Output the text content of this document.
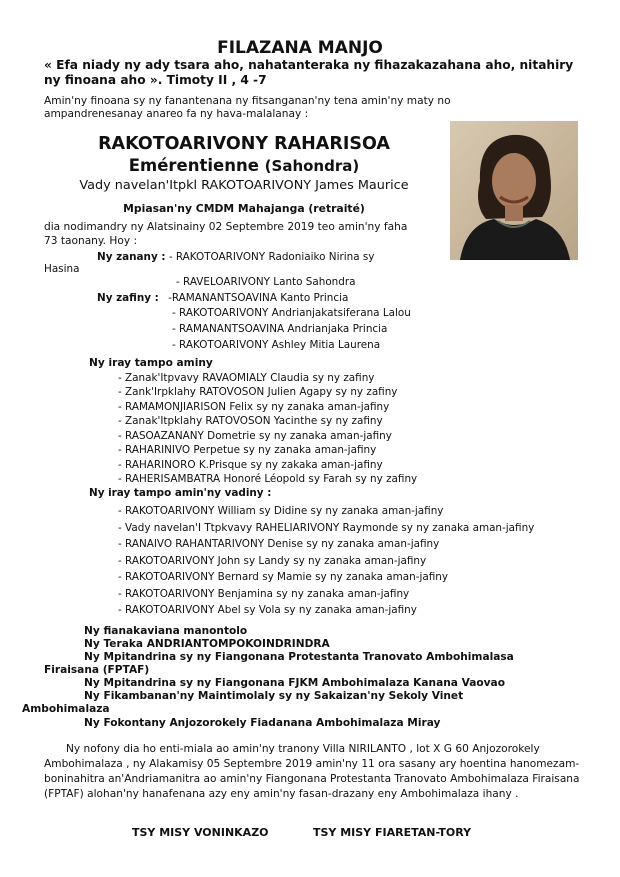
FILAZANA MANJO
« Efa niady ny ady tsara aho, nahatanteraka ny fihazakazahana aho, nitahiry ny finoana aho ». Timoty II , 4 -7
Amin'ny finoana sy ny fanantenana ny fitsanganan'ny tena amin'ny maty no ampandrenesanay anareo fa ny hava-malalanay :
RAKOTOARIVONY RAHARISOA
Emérentienne (Sahondra)
Vady navelan'Itpkl RAKOTOARIVONY James Maurice
Mpiasan'ny CMDM Mahajanga (retraité)
dia nodimandry ny Alatsinainy 02 Septembre 2019 teo amin'ny faha 73 taonany. Hoy :
Ny zanany : - RAKOTOARIVONY Radoniaiko Nirina sy
Hasina
- RAVELOARIVONY Lanto Sahondra
Ny zafiny : -RAMANANTSOAVINA Kanto Princia
- RAKOTOARIVONY Andrianjakatsiferana Lalou
- RAMANANTSOAVINA Andrianjaka Princia
- RAKOTOARIVONY Ashley Mitia Laurena
Ny iray tampo aminy
- Zanak'Itpvavy RAVAOMIALY Claudia sy ny zafiny
- Zank'Irpklahy RATOVOSON Julien Agapy sy ny zafiny
- RAMAMONJIARISON Felix sy ny zanaka aman-jafiny
- Zanak'Itpklahy RATOVOSON Yacinthe sy ny zafiny
- RASOAZANANY Dometrie sy ny zanaka aman-jafiny
- RAHARINIVO Perpetue sy ny zanaka aman-jafiny
- RAHARINORO K.Prisque sy ny zakaka aman-jafiny
- RAHERISAMBATRA Honoré Léopold sy Farah sy ny zafiny
Ny iray tampo amin'ny vadiny :
- RAKOTOARIVONY William sy Didine sy ny zanaka aman-jafiny
- Vady navelan'I Ttpkvavy RAHELIARIVONY Raymonde sy ny zanaka aman-jafiny
- RANAIVO RAHANTARIVONY Denise sy ny zanaka aman-jafiny
- RAKOTOARIVONY John sy Landy sy ny zanaka aman-jafiny
- RAKOTOARIVONY Bernard sy Mamie sy ny zanaka aman-jafiny
- RAKOTOARIVONY Benjamina sy ny zanaka aman-jafiny
- RAKOTOARIVONY Abel sy Vola sy ny zanaka aman-jafiny
Ny fianakaviana manontolo
Ny Teraka ANDRIANTOMPOKOINDRINDRA
Ny Mpitandrina sy ny Fiangonana Protestanta Tranovato Ambohimalasa
Firaisana (FPTAF)
Ny Mpitandrina sy ny Fiangonana FJKM Ambohimalaza Kanana Vaovao
Ny Fikambanan'ny Maintimolaly sy ny Sakaizan'ny Sekoly Vinet
Ambohimalaza
Ny Fokontany Anjozorokely Fiadanana Ambohimalaza Miray
Ny nofony dia ho enti-miala ao amin'ny tranony Villa NIRILANTO , lot X G 60 Anjozorokely Ambohimalaza , ny Alakamisy 05 Septembre 2019 amin'ny 11 ora sasany ary hoentina hanomezam-boninahitra an'Andriamanitra ao amin'ny Fiangonana Protestanta Tranovato Ambohimalaza Firaisana (FPTAF) alohan'ny hanafenana azy eny amin'ny fasan-drazany eny Ambohimalaza ihany .
TSY MISY VONINKAZO	TSY MISY FIARETAN-TORY
